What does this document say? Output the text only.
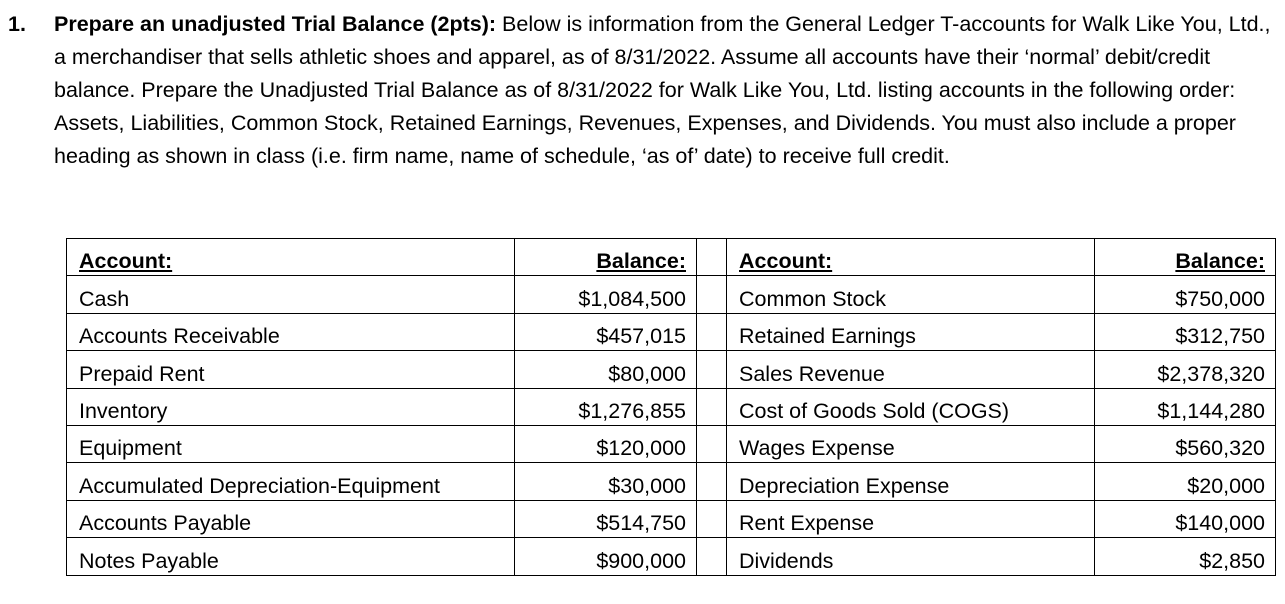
1. Prepare an unadjusted Trial Balance (2pts): Below is information from the General Ledger T-accounts for Walk Like You, Ltd., a merchandiser that sells athletic shoes and apparel, as of 8/31/2022. Assume all accounts have their ‘normal’ debit/credit balance. Prepare the Unadjusted Trial Balance as of 8/31/2022 for Walk Like You, Ltd. listing accounts in the following order: Assets, Liabilities, Common Stock, Retained Earnings, Revenues, Expenses, and Dividends. You must also include a proper heading as shown in class (i.e. firm name, name of schedule, ‘as of’ date) to receive full credit.
Account:	Balance:		Account:	Balance:
Cash	$1,084,500		Common Stock	$750,000
Accounts Receivable	$457,015		Retained Earnings	$312,750
Prepaid Rent	$80,000		Sales Revenue	$2,378,320
Inventory	$1,276,855		Cost of Goods Sold (COGS)	$1,144,280
Equipment	$120,000		Wages Expense	$560,320
Accumulated Depreciation-Equipment	$30,000		Depreciation Expense	$20,000
Accounts Payable	$514,750		Rent Expense	$140,000
Notes Payable	$900,000		Dividends	$2,850
